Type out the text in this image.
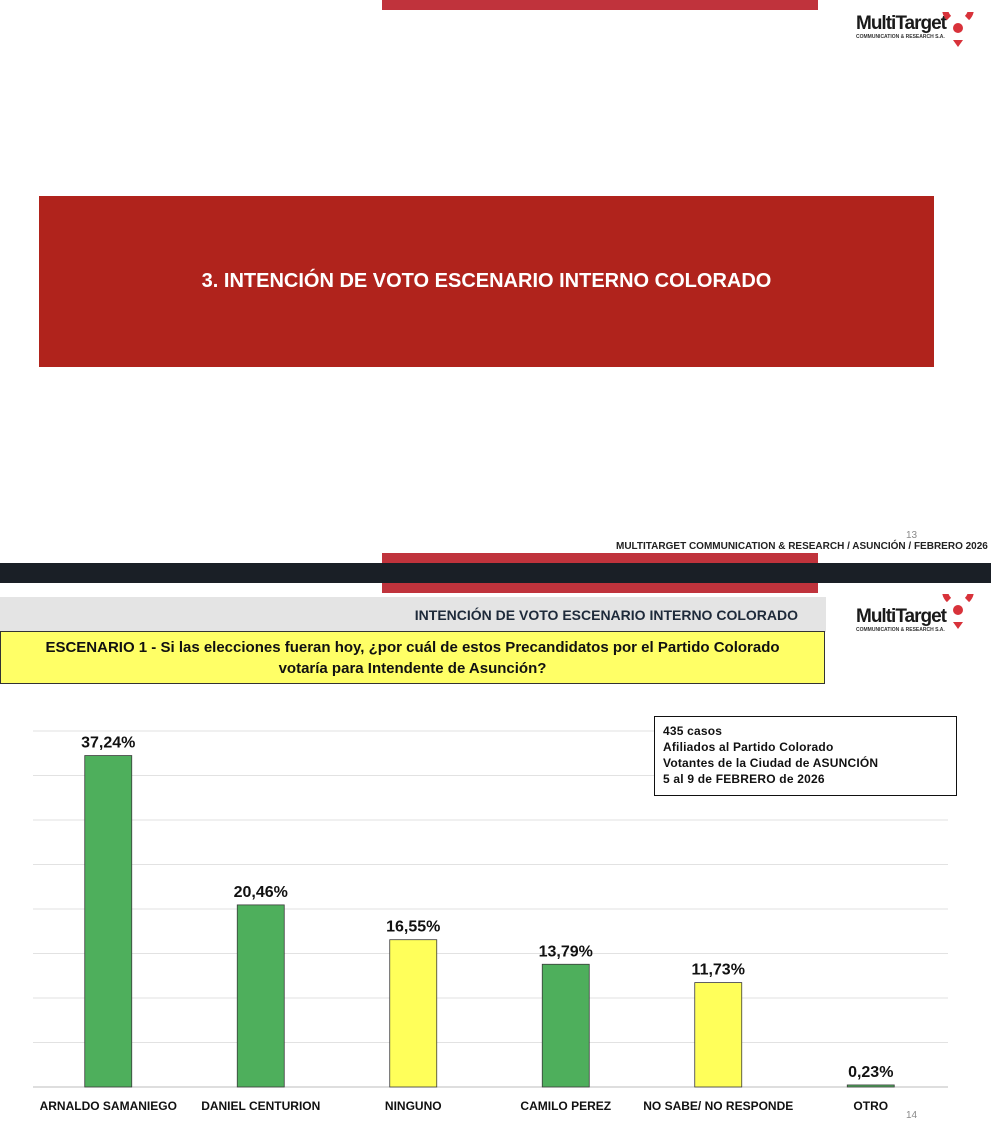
MultiTarget
COMMUNICATION & RESEARCH S.A.
3. INTENCIÓN DE VOTO ESCENARIO INTERNO COLORADO
13
MULTITARGET COMMUNICATION & RESEARCH / ASUNCIÓN / FEBRERO 2026
INTENCIÓN DE VOTO ESCENARIO INTERNO COLORADO	MultiTarget
COMMUNICATION & RESEARCH S.A.
ESCENARIO 1 - Si las elecciones fueran hoy, ¿por cuál de estos Precandidatos por el Partido Colorado
votaría para Intendente de Asunción?
37,24%
ARNALDO SAMANIEGO
20,46%
DANIEL CENTURION
16,55%
NINGUNO
13,79%
CAMILO PEREZ
11,73%
NO SABE/ NO RESPONDE
0,23%
OTRO
435 casos
Afiliados al Partido Colorado
Votantes de la Ciudad de ASUNCIÓN
5 al 9 de FEBRERO de 2026
14
